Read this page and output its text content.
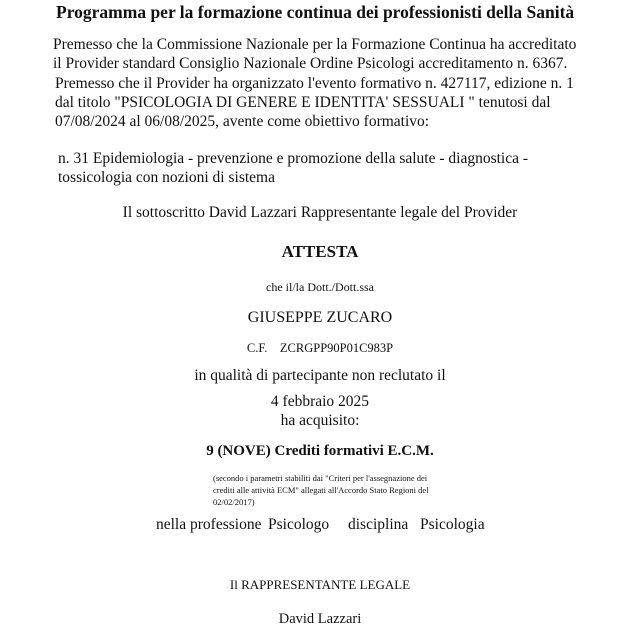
Programma per la formazione continua dei professionisti della Sanità
Premesso che la Commissione Nazionale per la Formazione Continua ha accreditato
il Provider standard Consiglio Nazionale Ordine Psicologi accreditamento n. 6367.
Premesso che il Provider ha organizzato l'evento formativo n. 427117, edizione n. 1
dal titolo "PSICOLOGIA DI GENERE E IDENTITA' SESSUALI " tenutosi dal
07/08/2024 al 06/08/2025, avente come obiettivo formativo:
n. 31 Epidemiologia - prevenzione e promozione della salute - diagnostica -
tossicologia con nozioni di sistema
Il sottoscritto David Lazzari Rappresentante legale del Provider
ATTESTA
che il/la Dott./Dott.ssa
GIUSEPPE ZUCARO
C.F. ZCRGPP90P01C983P
in qualità di partecipante non reclutato il
4 febbraio 2025
ha acquisito:
9 (NOVE) Crediti formativi E.C.M.
(secondo i parametri stabiliti dai "Criteri per l'assegnazione dei
crediti alle attività ECM" allegati all'Accordo Stato Regioni del
02/02/2017)
nella professione Psicologo disciplina Psicologia
Il RAPPRESENTANTE LEGALE
David Lazzari
